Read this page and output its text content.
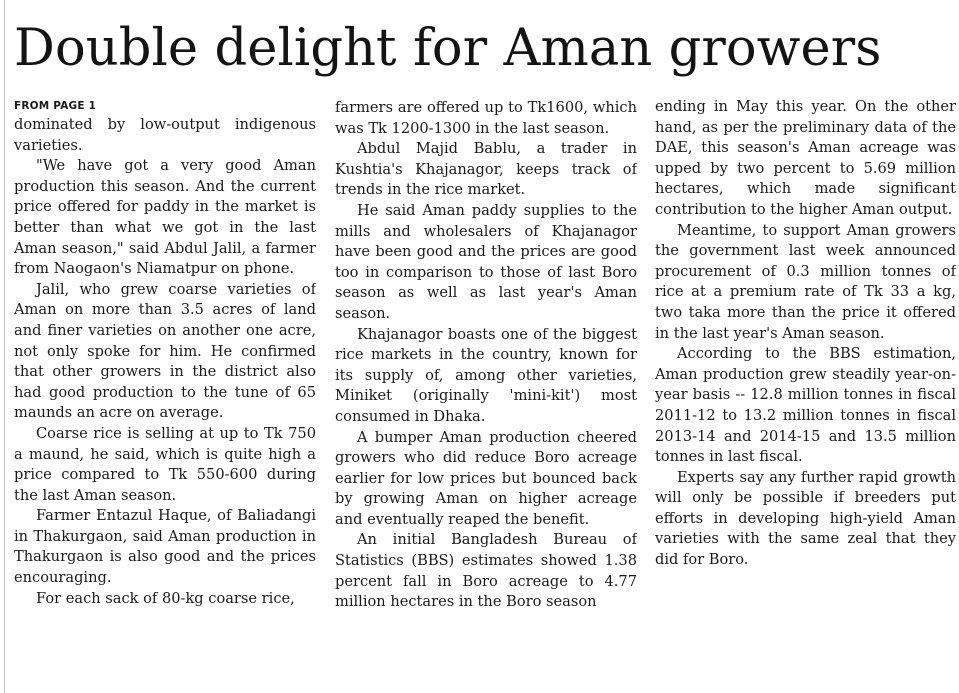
Double delight for Aman growers
FROM PAGE 1

dominated by low-output indigenous varieties.

"We have got a very good Aman production this season. And the current price offered for paddy in the market is better than what we got in the last Aman season," said Abdul Jalil, a farmer from Naogaon's Niamatpur on phone.

Jalil, who grew coarse varieties of Aman on more than 3.5 acres of land and finer varieties on another one acre, not only spoke for him. He confirmed that other growers in the district also had good production to the tune of 65 maunds an acre on average.

Coarse rice is selling at up to Tk 750 a maund, he said, which is quite high a price compared to Tk 550-600 during the last Aman season.

Farmer Entazul Haque, of Baliadangi in Thakurgaon, said Aman production in Thakurgaon is also good and the prices encouraging.

For each sack of 80-kg coarse rice,

farmers are offered up to Tk1600, which was Tk 1200-1300 in the last season.

Abdul Majid Bablu, a trader in Kushtia's Khajanagor, keeps track of trends in the rice market.

He said Aman paddy supplies to the mills and wholesalers of Khajanagor have been good and the prices are good too in comparison to those of last Boro season as well as last year's Aman season.

Khajanagor boasts one of the biggest rice markets in the country, known for its supply of, among other varieties, Miniket (originally 'mini-kit') most consumed in Dhaka.

A bumper Aman production cheered growers who did reduce Boro acreage earlier for low prices but bounced back by growing Aman on higher acreage and eventually reaped the benefit.

An initial Bangladesh Bureau of Statistics (BBS) estimates showed 1.38 percent fall in Boro acreage to 4.77 million hectares in the Boro season

ending in May this year. On the other hand, as per the preliminary data of the DAE, this season's Aman acreage was upped by two percent to 5.69 million hectares, which made significant contribution to the higher Aman output.

Meantime, to support Aman growers the government last week announced procurement of 0.3 million tonnes of rice at a premium rate of Tk 33 a kg, two taka more than the price it offered in the last year's Aman season.

According to the BBS estimation, Aman production grew steadily year-on-year basis -- 12.8 million tonnes in fiscal 2011-12 to 13.2 million tonnes in fiscal 2013-14 and 2014-15 and 13.5 million tonnes in last fiscal.

Experts say any further rapid growth will only be possible if breeders put efforts in developing high-yield Aman varieties with the same zeal that they did for Boro.
